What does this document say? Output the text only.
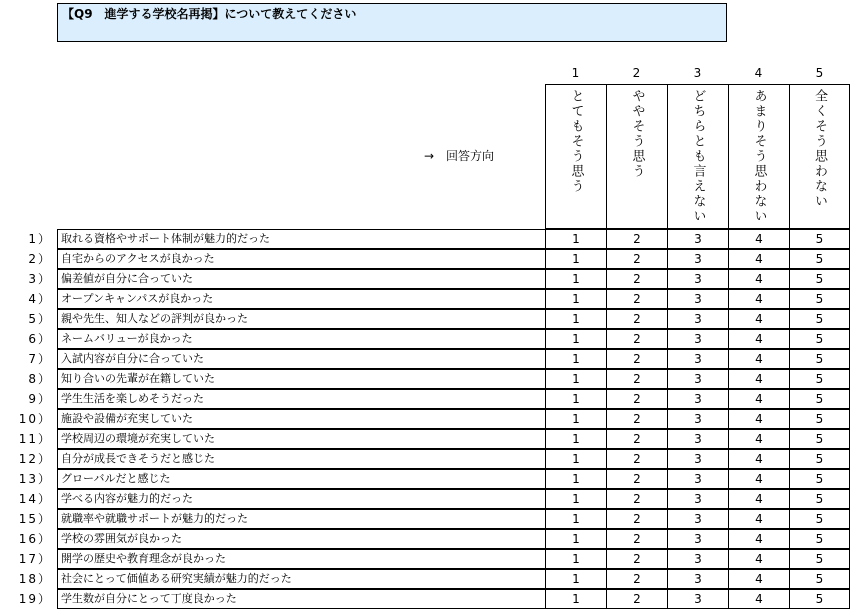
【Q9　進学する学校名再掲】について教えてください
1	2	3	4	5
→　回答方向	とてもそう思う	ややそう思う	どちらとも言えない	あまりそう思わない	全くそう思わない
1） 取れる資格やサポート体制が魅力的だった	1	2	3	4	5
2） 自宅からのアクセスが良かった	1	2	3	4	5
3） 偏差値が自分に合っていた	1	2	3	4	5
4） オープンキャンパスが良かった	1	2	3	4	5
5） 親や先生、知人などの評判が良かった	1	2	3	4	5
6） ネームバリューが良かった	1	2	3	4	5
7） 入試内容が自分に合っていた	1	2	3	4	5
8） 知り合いの先輩が在籍していた	1	2	3	4	5
9） 学生生活を楽しめそうだった	1	2	3	4	5
10） 施設や設備が充実していた	1	2	3	4	5
11） 学校周辺の環境が充実していた	1	2	3	4	5
12） 自分が成長できそうだと感じた	1	2	3	4	5
13） グローバルだと感じた	1	2	3	4	5
14） 学べる内容が魅力的だった	1	2	3	4	5
15） 就職率や就職サポートが魅力的だった	1	2	3	4	5
16） 学校の雰囲気が良かった	1	2	3	4	5
17） 開学の歴史や教育理念が良かった	1	2	3	4	5
18） 社会にとって価値ある研究実績が魅力的だった	1	2	3	4	5
19） 学生数が自分にとって丁度良かった	1	2	3	4	5
